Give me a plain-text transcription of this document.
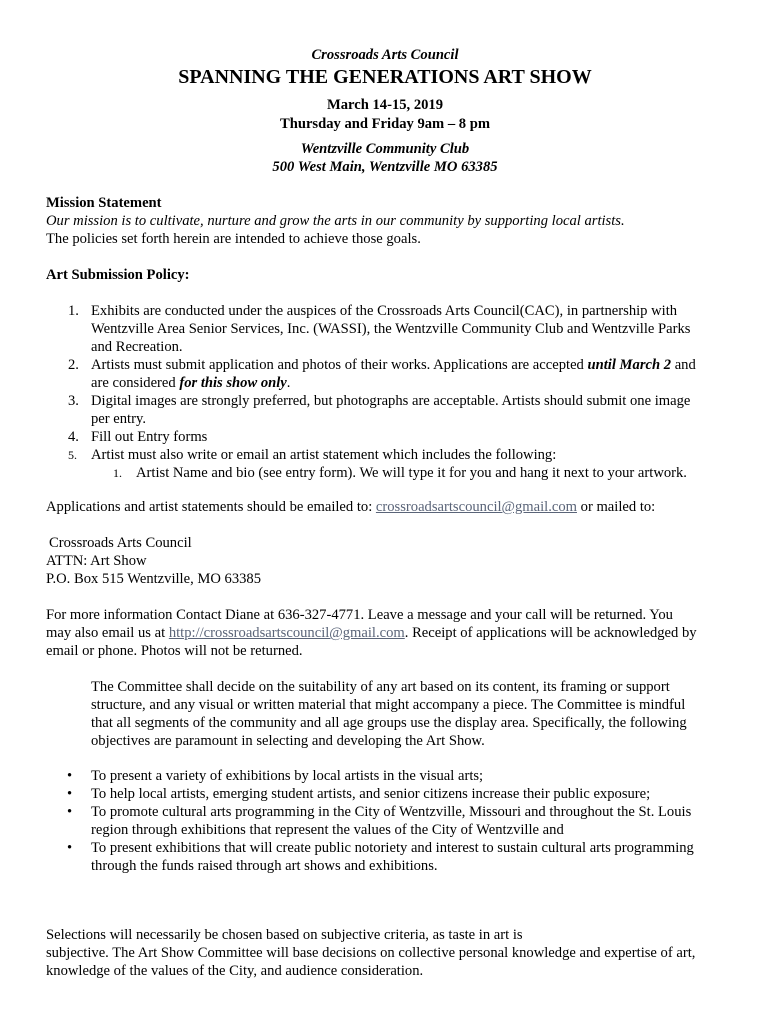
Crossroads Arts Council
SPANNING THE GENERATIONS ART SHOW
March 14-15, 2019
Thursday and Friday 9am – 8 pm
Wentzville Community Club
500 West Main, Wentzville MO 63385
Mission Statement
Our mission is to cultivate, nurture and grow the arts in our community by supporting local artists.
The policies set forth herein are intended to achieve those goals.
Art Submission Policy:
1. Exhibits are conducted under the auspices of the Crossroads Arts Council(CAC), in partnership with
Wentzville Area Senior Services, Inc. (WASSI), the Wentzville Community Club and Wentzville Parks
and Recreation.
2. Artists must submit application and photos of their works. Applications are accepted until March 2 and
are considered for this show only.
3. Digital images are strongly preferred, but photographs are acceptable. Artists should submit one image
per entry.
4. Fill out Entry forms
5. Artist must also write or email an artist statement which includes the following:
1. Artist Name and bio (see entry form). We will type it for you and hang it next to your artwork.
Applications and artist statements should be emailed to: crossroadsartscouncil@gmail.com or mailed to:
Crossroads Arts Council
ATTN: Art Show
P.O. Box 515 Wentzville, MO 63385
For more information Contact Diane at 636-327-4771. Leave a message and your call will be returned. You
may also email us at http://crossroadsartscouncil@gmail.com. Receipt of applications will be acknowledged by
email or phone. Photos will not be returned.
The Committee shall decide on the suitability of any art based on its content, its framing or support
structure, and any visual or written material that might accompany a piece. The Committee is mindful
that all segments of the community and all age groups use the display area. Specifically, the following
objectives are paramount in selecting and developing the Art Show.
• To present a variety of exhibitions by local artists in the visual arts;
• To help local artists, emerging student artists, and senior citizens increase their public exposure;
• To promote cultural arts programming in the City of Wentzville, Missouri and throughout the St. Louis
region through exhibitions that represent the values of the City of Wentzville and
• To present exhibitions that will create public notoriety and interest to sustain cultural arts programming
through the funds raised through art shows and exhibitions.
Selections will necessarily be chosen based on subjective criteria, as taste in art is
subjective. The Art Show Committee will base decisions on collective personal knowledge and expertise of art,
knowledge of the values of the City, and audience consideration.
